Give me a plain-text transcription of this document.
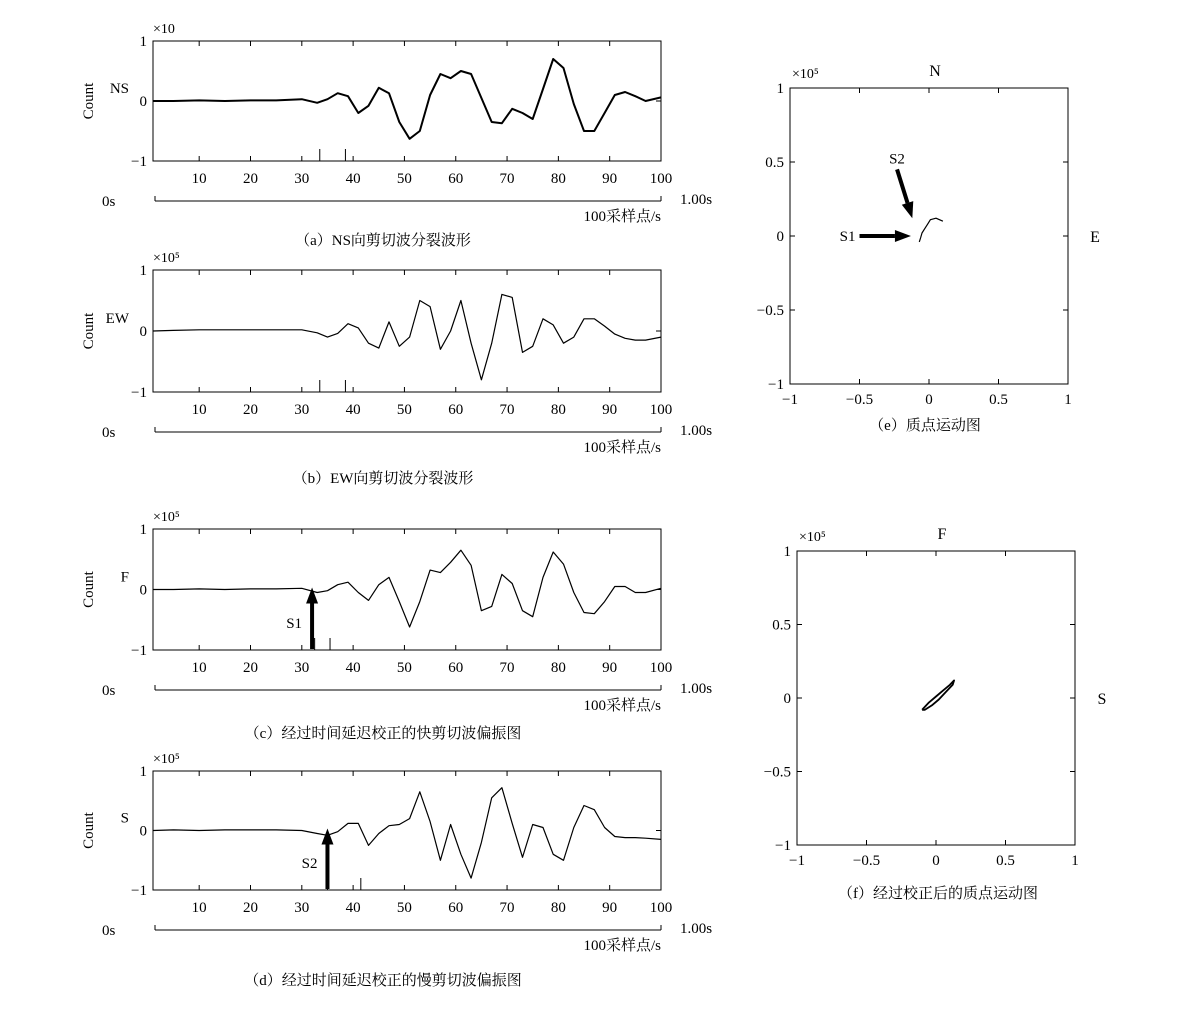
10 20 30 40 50 60 70 80 90 100
−1
0
1
×10
NS
Count
0s	1.00s
100采样点/s
（a）NS向剪切波分裂波形
10 20 30 40 50 60 70 80 90 100
−1
0
1
×10⁵
EW
Count
0s	1.00s
100采样点/s
（b）EW向剪切波分裂波形
10 20 30 40 50 60 70 80 90 100
−1
0
1
×10⁵
F
Count
S1
0s	1.00s
100采样点/s
（c）经过时间延迟校正的快剪切波偏振图
10 20 30 40 50 60 70 80 90 100
−1
0
1
×10⁵
S
Count
S2
0s	1.00s
100采样点/s
（d）经过时间延迟校正的慢剪切波偏振图
−1	−0.5	0	0.5	1
−1
−0.5
0
0.5
1
×10⁵	N
E
S1
S2
（e）质点运动图
−1	−0.5	0	0.5	1
−1
−0.5
0
0.5
1
×10⁵	F
S
（f）经过校正后的质点运动图
